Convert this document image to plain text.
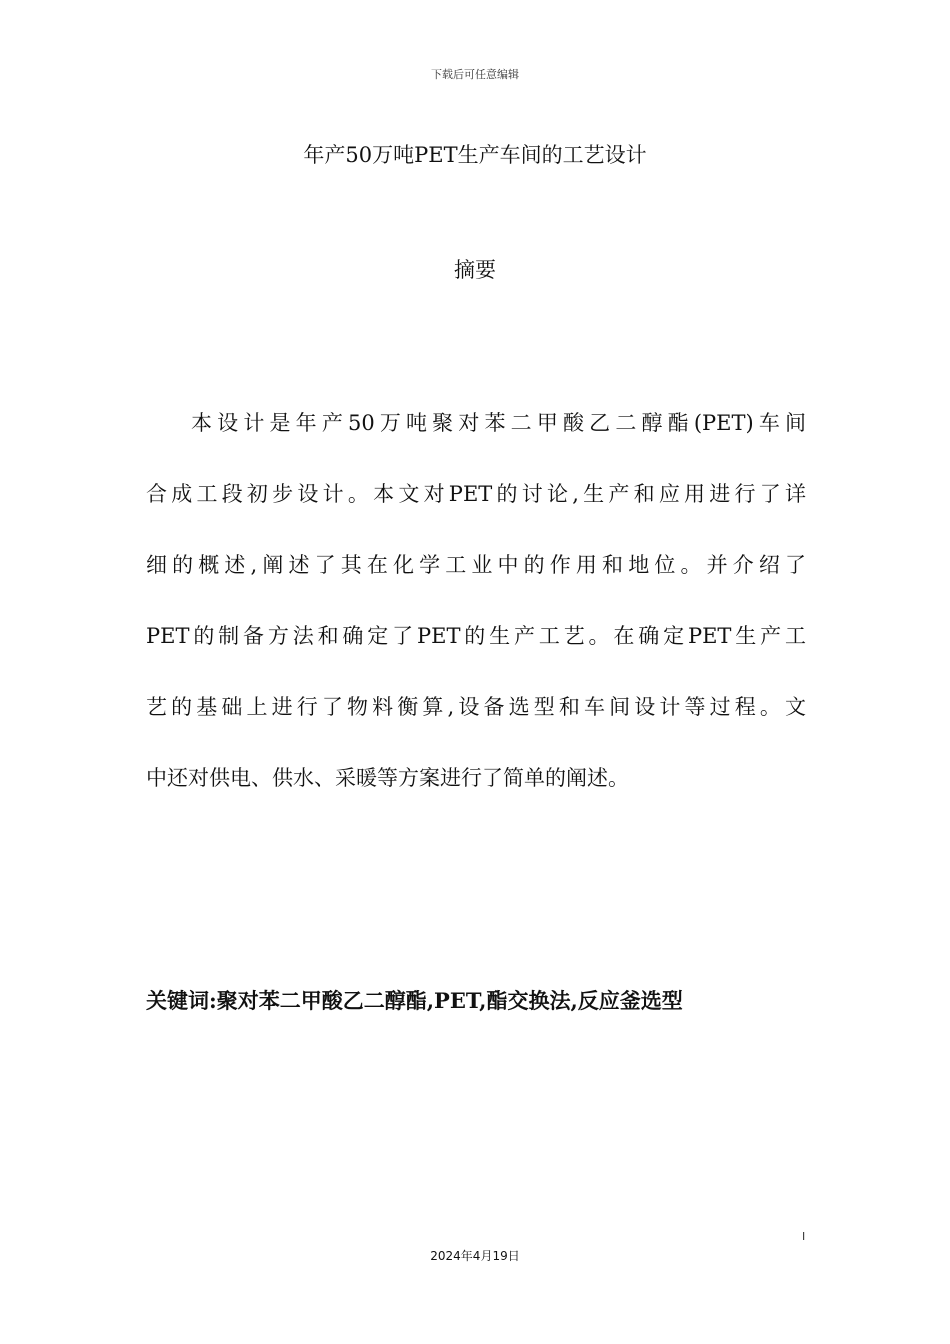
下载后可任意编辑
年产50万吨PET生产车间的工艺设计
摘要
本设计是年产50万吨聚对苯二甲酸乙二醇酯(PET)车间
合成工段初步设计。本文对PET的讨论,生产和应用进行了详
细的概述,阐述了其在化学工业中的作用和地位。并介绍了
PET的制备方法和确定了PET的生产工艺。在确定PET生产工
艺的基础上进行了物料衡算,设备选型和车间设计等过程。文
中还对供电、供水、采暖等方案进行了简单的阐述。
关键词:聚对苯二甲酸乙二醇酯,PET,酯交换法,反应釜选型
I
2024年4月19日
